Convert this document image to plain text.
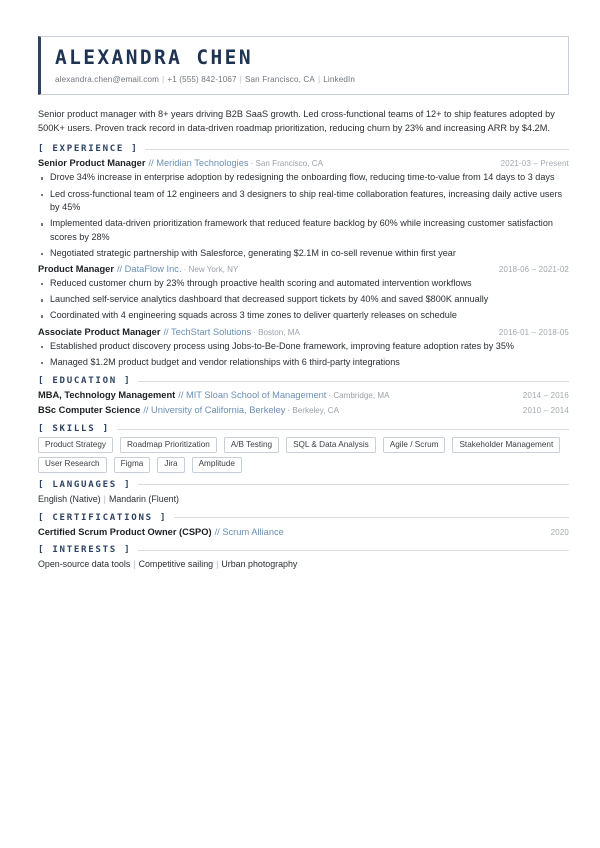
ALEXANDRA CHEN
alexandra.chen@email.com | +1 (555) 842-1067 | San Francisco, CA | LinkedIn
Senior product manager with 8+ years driving B2B SaaS growth. Led cross-functional teams of 12+ to ship features adopted by 500K+ users. Proven track record in data-driven roadmap prioritization, reducing churn by 23% and increasing ARR by $4.2M.
[ EXPERIENCE ]
Senior Product Manager // Meridian Technologies · San Francisco, CA	2021-03 – Present
Drove 34% increase in enterprise adoption by redesigning the onboarding flow, reducing time-to-value from 14 days to 3 days
Led cross-functional team of 12 engineers and 3 designers to ship real-time collaboration features, increasing daily active users by 45%
Implemented data-driven prioritization framework that reduced feature backlog by 60% while increasing customer satisfaction scores by 28%
Negotiated strategic partnership with Salesforce, generating $2.1M in co-sell revenue within first year
Product Manager // DataFlow Inc. · New York, NY	2018-06 – 2021-02
Reduced customer churn by 23% through proactive health scoring and automated intervention workflows
Launched self-service analytics dashboard that decreased support tickets by 40% and saved $800K annually
Coordinated with 4 engineering squads across 3 time zones to deliver quarterly releases on schedule
Associate Product Manager // TechStart Solutions · Boston, MA	2016-01 – 2018-05
Established product discovery process using Jobs-to-Be-Done framework, improving feature adoption rates by 35%
Managed $1.2M product budget and vendor relationships with 6 third-party integrations
[ EDUCATION ]
MBA, Technology Management // MIT Sloan School of Management · Cambridge, MA	2014 – 2016
BSc Computer Science // University of California, Berkeley · Berkeley, CA	2010 – 2014
[ SKILLS ]
Product Strategy	Roadmap Prioritization	A/B Testing	SQL & Data Analysis	Agile / Scrum	Stakeholder Management
User Research	Figma	Jira	Amplitude
[ LANGUAGES ]
English (Native) | Mandarin (Fluent)
[ CERTIFICATIONS ]
Certified Scrum Product Owner (CSPO) // Scrum Alliance	2020
[ INTERESTS ]
Open-source data tools | Competitive sailing | Urban photography
